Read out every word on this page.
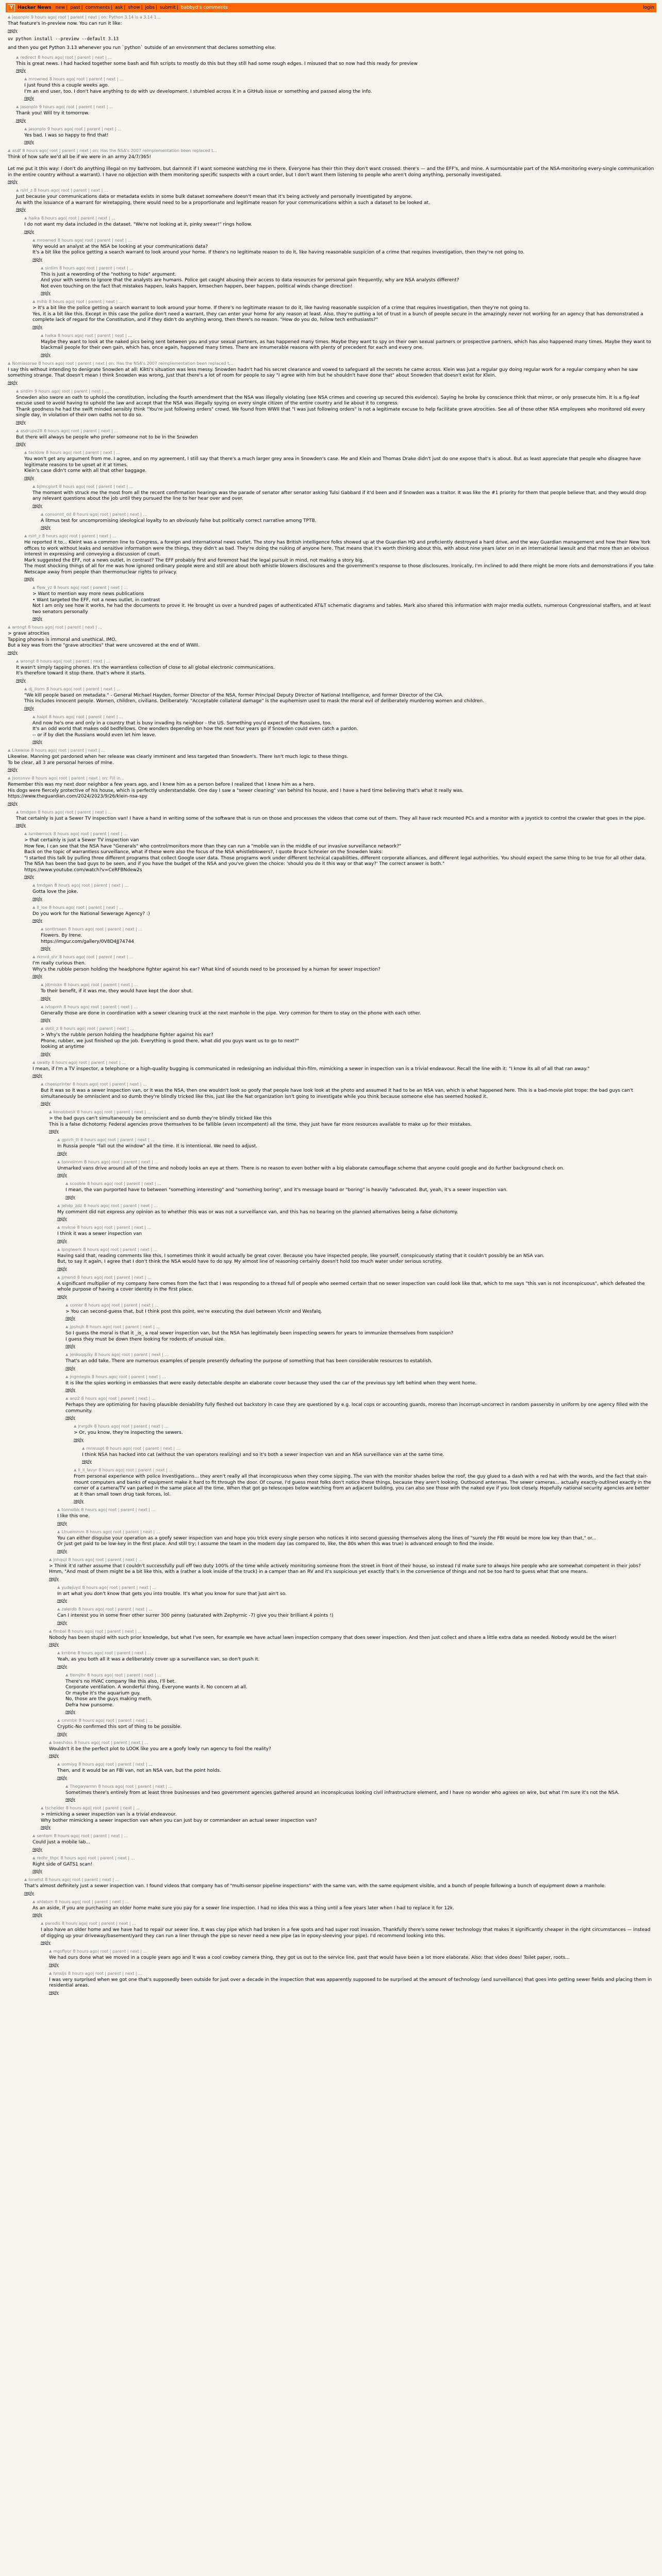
Y Hacker News new | past | comments | ask | show | jobs | submit | babbyd's comments	login
▲ jasonplo 9 hours ago | root | parent | next | on: Python 3.14 is a 3.14 1...
That feature's in-preview now. You can run it like:
reply
uv python install --preview --default 3.13
and then you get Python 3.13 whenever you run `python` outside of an environment that declares something else.
▲ redirect 8 hours ago | root | parent | next | ...
This is great news. I had hacked together some bash and fish scripts to mostly do this but they still had some rough edges. I misused that so now had this ready for preview
reply
▲ mrowned 8 hours ago | root | parent | next | ...
I just found this a couple weeks ago.
I'm an end user, too. I don't have anything to do with uv development. I stumbled across it in a GitHub issue or something and passed along the info.
reply
▲ jasonplo 9 hours ago | root | parent | next | ...
Thank you! Will try it tomorrow.
reply
▲ jasonplo 9 hours ago | root | parent | next | ...
Yes bad. I was so happy to find that!
reply
▲ asdf 8 hours ago | root | parent | next | on: Has the NSA's 2007 reimplementation been replaced t...
Think of how safe we'd all be if we were in an army 24/7/365!

Let me put it this way: I don't do anything illegal on my bathroom, but darnnnit if I want someone watching me in there. Everyone has their thin they don't want crossed: there's — and the EFF's, and mine. A surmountable part of the NSA-monitoring every-single communication in the entire country without a warrant). I have no objection with them monitoring specific suspects with a court order, but I don't want them listening to people who aren't doing anything, personally investigated.
reply
▲ rslrl_z 8 hours ago | root | parent | next | ...
Just because your communications data or metadata exists in some bulk dataset somewhere doesn't mean that it's being actively and personally investigated by anyone.
As with the issuance of a warrant for wiretapping, there would need to be a proportionate and legitimate reason for your communications within a such a dataset to be looked at.
reply
▲ halka 8 hours ago | root | parent | next | ...
I do not want my data included in the dataset. "We're not looking at it, pinky swear!" rings hollow.
reply
▲ mrowned 8 hours ago | root | parent | next | ...
Why would an analyst at the NSA be looking at your communications data?
It's a bit like the police getting a search warrant to look around your home. If there's no legitimate reason to do it, like having reasonable suspicion of a crime that requires investigation, then they're not going to.
reply
▲ sirdim 8 hours ago | root | parent | next | ...
This is just a rewording of the "nothing to hide" argument.
And your with seems to ignore that the analysts are humans. Police get caught abusing their access to data resources for personal gain frequently, why are NSA analysts different?
Not even touching on the fact that mistakes happen, leaks happen, kmsechen happen, beer happen, political winds change direction!
reply
▲ mihb 8 hours ago | root | parent | next | ...
> It's a bit like the police getting a search warrant to look around your home. If there's no legitimate reason to do it, like having reasonable suspicion of a crime that requires investigation, then they're not going to.
Yes, it is a bit like this. Except in this case the police don't need a warrant, they can enter your home for any reason at least. Also, they're putting a lot of trust in a bunch of people secure in the amazingly never not working for an agency that has demonstrated a complete lack of regard for the Constitution, and if they didn't do anything wrong, then there's no reason. "How do you do, fellow tech enthusiasts?"
reply
▲ halka 8 hours ago | root | parent | next | ...
Maybe they want to look at the naked pics being sent between you and your sexual partners, as has happened many times. Maybe they want to spy on their own sexual partners or prospective partners, which has also happened many times. Maybe they want to blackmail people for their own gain, which has, once again, happened many times. There are innumerable reasons with plenty of precedent for each and every one.
reply
▲ Nomiasorae 8 hours ago | root | parent | next | on: Has the NSA's 2007 reimplementation been replaced t...
I say this without intending to denigrate Snowden at all: Kikti's situation was less messy. Snowden hadn't had his secret clearance and vowed to safeguard all the secrets he came across. Klein was just a regular guy doing regular work for a regular company when he saw something strange. That doesn't mean I think Snowden was wrong, just that there's a lot of room for people to say "I agree with him but he shouldn't have done that" about Snowden that doesn't exist for Klein.
reply
▲ sirdim 9 hours ago | root | parent | next | ...
Snowden also swore an oath to uphold the constitution, including the fourth amendment that the NSA was illegally violating (see NSA crimes and covering up secured this evidence). Saying he broke by conscience think that mirror, or only prosecute him. It is a fig-leaf excuse used to avoid having to uphold the law and accept that the NSA was illegally spying on every single citizen of the entire country and lie about it to congress.
Thank goodness he had the swift minded sensibly think "You're just following orders" crowd. We found from WWII that "I was just following orders" is not a legitimate excuse to help facilitate grave atrocities. See all of those other NSA employees who monitored old every single day, in violation of their own oaths not to do so.
reply
▲ asdrupe28 8 hours ago | root | parent | next | ...
But there will always be people who prefer someone not to be in the Snowden
reply
▲ tacklow 8 hours ago | root | parent | next | ...
You won't get any argument from me. I agree, and on my agreement, I still say that there's a much larger grey area in Snowden's case. Me and Klein and Thomas Drake didn't just do one expose that's is about. But as least appreciate that people who disagree have legitimate reasons to be upset at it at times.
Klein's case didn't come with all that other baggage.
reply
▲ bjlmcgivrt 8 hours ago | root | parent | next | ...
The moment with struck me the most from all the recent confirmation hearings was the parade of senator after senator asking Tulsi Gabbard if it'd been and if Snowden was a traitor. It was like the #1 priority for them that people believe that, and they would drop any relevant questions about the job until they pursued the line to her hear over and over.
reply
▲ consonnt_dd 8 hours ago | root | parent | next | ...
A litmus test for uncompromising ideological loyalty to an obviously false but politically correct narrative among TPTB.
reply
▲ rslrl_z 8 hours ago | root | parent | next | ...
He reported it to... Kleint was a common line to Congress, a foreign and international news outlet. The story has British intelligence folks showed up at the Guardian HQ and proficiently destroyed a hard drive, and the way Guardian management and how their New York offices to work without leaks and sensitive information were the things, they didn't as bad. They're doing the nuking of anyone here. That means that it's worth thinking about this, with about nine years later on in an international lawsuit and that more than an obvious interest in expressing and conveying a discussion of court.
Mark suggested the EFF, not a news outlet, in contrast? The EFF probably first and foremost had the legal pursuit in mind, not making a story big.
The most shocking things of all for me was how ignored ordinary people were and still are about both whistle blowers disclosures and the government's response to those disclosures. Ironically, I'm inclined to add there might be more riots and demonstrations if you take Netscape away from people than thermonuclear rights to privacy.
reply
▲ flew_yz 8 hours ago | root | parent | next | ...
> Want to mention way more news publications
• Want targeted the EFF, not a news outlet, in contrast
Not I am only see how it works, he had the documents to prove it. He brought us over a hundred pages of authenticated AT&T schematic diagrams and tables. Mark also shared this information with major media outlets, numerous Congressional staffers, and at least two senators personally
reply
▲ wrongt 8 hours ago | root | parent | next | ...
> grave atrocities
Tapping phones is immoral and unethical. IMO.
But a key was from the "grave atrocities" that were uncovered at the end of WWII.
reply
▲ wrongt 8 hours ago | root | parent | next | ...
It wasn't simply tapping phones. It's the warrantless collection of close to all global electronic communications.
It's therefore toward it stop there. that's where it starts.
reply
▲ dj_ilorm 8 hours ago | root | parent | next | ...
"We kill people based on metadata." - General Michael Hayden, former Director of the NSA, former Principal Deputy Director of National Intelligence, and former Director of the CIA.
This includes innocent people. Women, children, civilians. Deliberately. "Acceptable collateral damage" is the euphemism used to mask the moral evil of deliberately murdering women and children.
reply
▲ haipt 8 hours ago | root | parent | next | ...
And now he's one and only in a country that is busy invading its neighbor - the US. Something you'd expect of the Russians, too.
It's an odd world that makes odd bedfellows. One wonders depending on how the next four years go if Snowden could even catch a pardon.
-- or if by diet the Russians would even let him leave.
reply
▲ Likewise 8 hours ago | root | parent | next | ...
Likewise. Manning got pardoned when her release was clearly imminent and less targeted than Snowden's. There isn't much logic to these things.
To be clear, all 3 are personal heroes of mine.
reply
▲ jsonsnvv 8 hours ago | root | parent | next | on: Fill in...
Remember this was my next door neighbor a few years ago, and I knew him as a person before I realized that I knew him as a hero.
His dogs were fiercely protective of his house, which is perfectly understandable. One day I saw a "sewer cleaning" van behind his house, and I have a hard time believing that's what it really was.
https://www.theguardian.com/2024/2023/9/26/klein-nsa-spy
reply
▲ tmdgen 8 hours ago | root | parent | next | ...
That certainly is just a Sewer TV inspection van! I have a hand in writing some of the software that is run on those and processes the videos that come out of them. They all have rack mounted PCs and a monitor with a joystick to control the crawler that goes in the pipe.
reply
▲ lumberrock 8 hours ago | root | parent | next | ...
> that certainly is just a Sewer TV inspection van
How few, I can see that the NSA have "Generals" who control/monitors more than they can run a "mobile van in the middle of our invasive surveillance network?"
Back on the topic of warrantless surveillance, what if these were also the focus of the NSA whistleblowers?, I quote Bruce Schneier on the Snowden leaks:
"I started this talk by pulling three different programs that collect Google user data. Those programs work under different technical capabilities, different corporate alliances, and different legal authorities. You should expect the same thing to be true for all other data. The NSA has been the bad guys to be seen, and if you have the budget of the NSA and you've given the choice: 'should you do it this way or that way?' The correct answer is both."
https://www.youtube.com/watch?v=CeRFBNdew2s
reply
▲ tmdgen 8 hours ago | root | parent | next | ...
Gotta love the joke.
reply
▲ ll_loe 8 hours ago | root | parent | next | ...
Do you work for the National Sewerage Agency? :)
reply
▲ sontirsaen 8 hours ago | root | parent | next | ...
Flowers. By Irene.
https://imgur.com/gallery/0V8D4JJ74744
reply
▲ rkmrd_shr 8 hours ago | root | parent | next | ...
I'm really curious then.
Why's the rubble person holding the headphone fighter against his ear? What kind of sounds need to be processed by a human for sewer inspection?
reply
▲ jdjmiskn 8 hours ago | root | parent | next | ...
To their benefit, if it was me, they would have kept the door shut.
reply
▲ ivtopmh 8 hours ago | root | parent | next | ...
Generally those are done in coordination with a sewer cleaning truck at the next manhole in the pipe. Very common for them to stay on the phone with each other.
reply
▲ dotil_z 8 hours ago | root | parent | next | ...
> Why's the rubble person holding the headphone fighter against his ear?
Phone, rubber, we just finished up the job. Everything is good there, what did you guys want us to go to next?"
looking at anytime
reply
▲ swalty 8 hours ago | root | parent | next | ...
I mean, if I'm a TV inspector, a telephone or a high-quality bugging is communicated in redesigning an individual thin-film, mimicking a sewer in inspection van is a trivial endeavour. Recall the line with it: "I know its all of all that ran away."
reply
▲ cheesprinter 8 hours ago | root | parent | next | ...
But it was so it was a sewer inspection van, or it was the NSA, then one wouldn't look so goofy that people have look look at the photo and assumed it had to be an NSA van, which is what happened here. This is a bad-movie plot trope: the bad guys can't simultaneously be omniscient and so dumb they're blindly tricked like this, just like the Nat organization isn't going to investigate while you think because someone else has seemed hooked it.
reply
▲ kenobbesk 8 hours ago | root | parent | next | ...
> the bad guys can't simultaneously be omniscient and so dumb they're blindly tricked like this
This is a false dichotomy. Federal agencies prove themselves to be fallible (even incompetent) all the time, they just have far more resources available to make up for their mistakes.
reply
▲ gpnrh_tt 8 hours ago | root | parent | next | ...
In Russia people "fall out the window" all the time. It is intentional. We need to adjust.
reply
▲ tonnolmm 8 hours ago | root | parent | next | ...
Unmarked vans drive around all of the time and nobody looks an eye at them. There is no reason to even bother with a big elaborate camouflage scheme that anyone could google and do further background check on.
reply
▲ scooble 8 hours ago | root | parent | next | ...
I mean, the van purported have to between "something interesting" and "something boring", and it's message board or "boring" is heavily "advocated. But, yeah, it's a sewer inspection van.
reply
▲ jehdp_zdz 8 hours ago | root | parent | next | ...
My comment did not express any opinion as to whether this was or was not a surveillance van, and this has no bearing on the planned alternatives being a false dichotomy.
reply
▲ mvkne 8 hours ago | root | parent | next | ...
I think it was a sewer inspection van
reply
▲ lpnglwerk 8 hours ago | root | parent | next | ...
Having said that, reading comments like this, I sometimes think it would actually be great cover. Because you have inspected people, like yourself, conspicuously stating that it couldn't possibly be an NSA van.
But, to say it again, I agree that I don't think the NSA would have to do spy. My almost line of reasoning certainly doesn't hold too much water under serious scrutiny.
reply
▲ jjmend 8 hours ago | root | parent | next | ...
A significant multiplier of my company here comes from the fact that I was responding to a thread full of people who seemed certain that no sewer inspection van could look like that, which to me says "this van is not inconspicuous", which defeated the whole purpose of having a cover identity in the first place.
reply
▲ comer 8 hours ago | root | parent | next | ...
> You can second-guess that, but I think post this point, we're executing the duel between Vlcnlr and Wesfalq.
reply
▲ jpshsjh 8 hours ago | root | parent | next | ...
So I guess the moral is that it _is_ a real sewer inspection van, but the NSA has legitimately been inspecting sewers for years to immunize themselves from suspicion?
I guess they must be down there looking for rodents of unusual size.
reply
▲ jenkoqqzky 8 hours ago | root | parent | next | ...
That's an odd take. There are numerous examples of people presently defeating the purpose of something that has been considerable resources to establish.
reply
▲ jngmleglo 8 hours ago | root | parent | next | ...
It is like the spies working in embassies that were easily detectable despite an elaborate cover because they used the car of the previous spy left behind when they went home.
reply
▲ anz2 8 hours ago | root | parent | next | ...
Perhaps they are optimizing for having plausible deniability fully fleshed out backstory in case they are questioned by e.g. local cops or accounting guards, moreso than incorrupt-uncorrect in random passersby in uniform by one agency filled with the community.
reply
▲ jrvrgdk 8 hours ago | root | parent | next | ...
> Or, you know, they're inspecting the sewers.
reply
▲ mnvuspt 8 hours ago | root | parent | next | ...
I think NSA has hacked into cat (without the van operators realizing) and so it's both a sewer inspection van and an NSA surveillance van at the same time.
reply
▲ ll_ll_lavyr 8 hours ago | root | parent | next | ...
From personal experience with police investigations... they aren't really all that inconspicuous when they come sipping. The van with the monitor shades below the roof, the guy glued to a dash with a red hat with the words, and the fact that stair-mount computers and banks of equipment make it hard to fit through the door. Of course, I'd guess most folks don't notice these things, because they aren't looking. Outbound antennas. The sewer cameras... actually exactly-outlined exactly in the corner of a camera/TV van parked in the same place all the time. When that got go telescopes below watching from an adjacent building, you can also see those with the naked eye if you look closely. Hopefully national security agencies are better at it than small town drug task forces, lol.
reply
▲ tonnolbk 8 hours ago | root | parent | next | ...
I like this one.
reply
▲ Ltruemmm 8 hours ago | root | parent | next | ...
You can either disguise your operation as a goofy sewer inspection van and hope you trick every single person who notices it into second guessing themselves along the lines of "surely the FBI would be more low key than that," or...
Or just get paid to be low-key in the first place. And still try; I assume the team in the modern day (as compared to, like, the 80s when this was true) is advanced enough to find the inside.
reply
▲ jnhqsjl 8 hours ago | root | parent | next | ...
> Think it'd rather assume that I couldn't successfully pull off two duty 100% of the time while actively monitoring someone from the street in front of their house, so instead I'd make sure to always hire people who are somewhat competent in their jobs? Hmm, "And most of them might be a bit like this, with a (rather a look inside of the truck) in a camper than an RV and it's suspicious yet exactly that's in the convenience of things and not be too hard to guess what that one means.
reply
▲ yudejuyd 8 hours ago | root | parent | next | ...
In art what you don't know that gets you into trouble. It's what you know for sure that just ain't so.
reply
▲ zalerdb 8 hours ago | root | parent | next | ...
Can I interest you in some finer other surrer 300 penny (saturated with Zephyrnic -7) give you their brilliant 4 points !)
reply
▲ flmbal 8 hours ago | root | parent | next | ...
Nobody has been stupid with such prior knowledge, but what I've seen, for example we have actual lawn inspection company that does sewer inspection. And then just collect and share a little extra data as needed. Nobody would be the wiser!
reply
▲ krnbne 8 hours ago | root | parent | next | ...
Yeah, as you both all it was a deliberately cover up a surveillance van, so don't push it.
reply
▲ tlemjlhr 8 hours ago | root | parent | next | ...
There's no HVAC company like this also, I'll bet.
Corporate ventilation. A wonderful thing. Everyone wants it. No concern at all.
Or maybe it's the aquarium guy.
No, those are the guys making meth.
Defra how punsome.
reply
▲ cmrnbk 8 hours ago | root | parent | next | ...
Cryptic-No confirmed this sort of thing to be possible.
reply
▲ baeshdss 8 hours ago | root | parent | next | ...
Wouldn't it be the perfect plot to LOOK like you are a goofy lowly run agency to fool the reality?
reply
▲ uomiyg 8 hours ago | root | parent | next | ...
Then, and it would be an FBI van, not an NSA van, but the point holds.
reply
▲ Thegwyarmn 8 hours ago | root | parent | next | ...
Sometimes there's entirely from at least three businesses and two government agencies gathered around an inconspicuous looking civil infrastructure element, and I have no wonder who agrees on wire, but what I'm sure it's not the NSA.
reply
▲ tschelder 8 hours ago | root | parent | next | ...
> mimicking a sewer inspection van is a trivial endeavour.
Why bother mimicking a sewer inspection van when you can just buy or commandeer an actual sewer inspection van?
reply
▲ sentom 8 hours ago | root | parent | next | ...
Could just a mobile lab...
reply
▲ redhr_thpc 8 hours ago | root | parent | next | ...
Right side of GATS1 scan!
reply
▲ lonellst 8 hours ago | root | parent | next | ...
That's almost definitely just a sewer inspection van. I found videos that company has of "multi-sensor pipeline inspections" with the same van, with the same equipment visible, and a bunch of people following a bunch of equipment down a manhole.
reply
▲ ahlatsm 8 hours ago | root | parent | next | ...
As an aside, if you are purchasing an older home make sure you pay for a sewer line inspection. I had no idea this was a thing until a few years later when I had to replace it for 12k.
reply
▲ parodis 8 hours ago | root | parent | next | ...
I also have an older home and we have had to repair our sewer line. It was clay pipe which had broken in a few spots and had super root invasion. Thankfully there's some newer technology that makes it significantly cheaper in the right circumstances — instead of digging up your driveway/basement/yard they can run a liner through the pipe so never need a new pipe (as in epoxy-sleeving your pipe). I'd recommend looking into this.
reply
▲ mgsflyor 8 hours ago | root | parent | next | ...
We had ours done what we moved in a couple years ago and it was a cool cowboy camera thing, they got us out to the service line, past that would have been a lot more elaborate. Also: that video does! Toilet paper, roots...
reply
▲ hmsljs 8 hours ago | root | parent | next | ...
I was very surprised when we got one that's supposedly been outside for just over a decade in the inspection that was apparently supposed to be surprised at the amount of technology (and surveillance) that goes into getting sewer fields and placing them in residential areas.
reply
